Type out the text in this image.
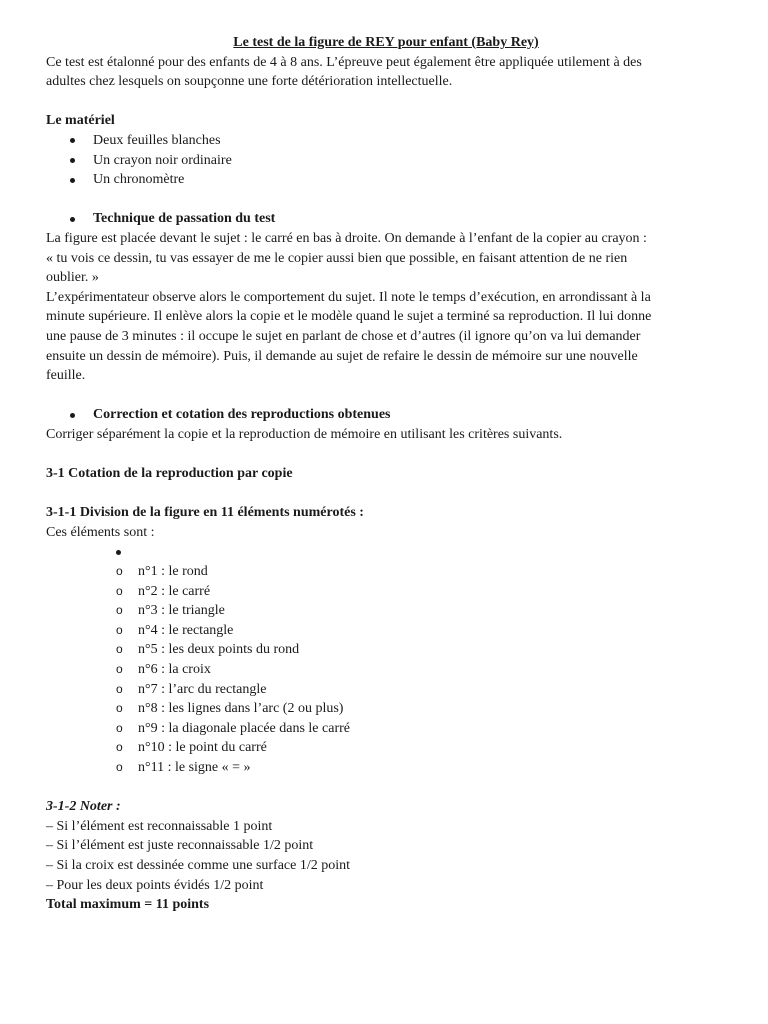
Le test de la figure de REY pour enfant (Baby Rey)

Ce test est étalonné pour des enfants de 4 à 8 ans. L’épreuve peut également être appliquée utilement à des

adultes chez lesquels on soupçonne une forte détérioration intellectuelle.

Le matériel

Deux feuilles blanches
Un crayon noir ordinaire
Un chronomètre
Technique de passation du test

La figure est placée devant le sujet : le carré en bas à droite. On demande à l’enfant de la copier au crayon :

« tu vois ce dessin, tu vas essayer de me le copier aussi bien que possible, en faisant attention de ne rien

oublier. »

L’expérimentateur observe alors le comportement du sujet. Il note le temps d’exécution, en arrondissant à la

minute supérieure. Il enlève alors la copie et le modèle quand le sujet a terminé sa reproduction. Il lui donne

une pause de 3 minutes : il occupe le sujet en parlant de chose et d’autres (il ignore qu’on va lui demander

ensuite un dessin de mémoire). Puis, il demande au sujet de refaire le dessin de mémoire sur une nouvelle

feuille.

Correction et cotation des reproductions obtenues

Corriger séparément la copie et la reproduction de mémoire en utilisant les critères suivants.

3-1 Cotation de la reproduction par copie

3-1-1 Division de la figure en 11 éléments numérotés :

Ces éléments sont :

o n°1 : le rond
o n°2 : le carré
o n°3 : le triangle
o n°4 : le rectangle
o n°5 : les deux points du rond
o n°6 : la croix
o n°7 : l’arc du rectangle
o n°8 : les lignes dans l’arc (2 ou plus)
o n°9 : la diagonale placée dans le carré
o n°10 : le point du carré
o n°11 : le signe « = »

3-1-2 Noter :

– Si l’élément est reconnaissable 1 point

– Si l’élément est juste reconnaissable 1/2 point

– Si la croix est dessinée comme une surface 1/2 point

– Pour les deux points évidés 1/2 point

Total maximum = 11 points
